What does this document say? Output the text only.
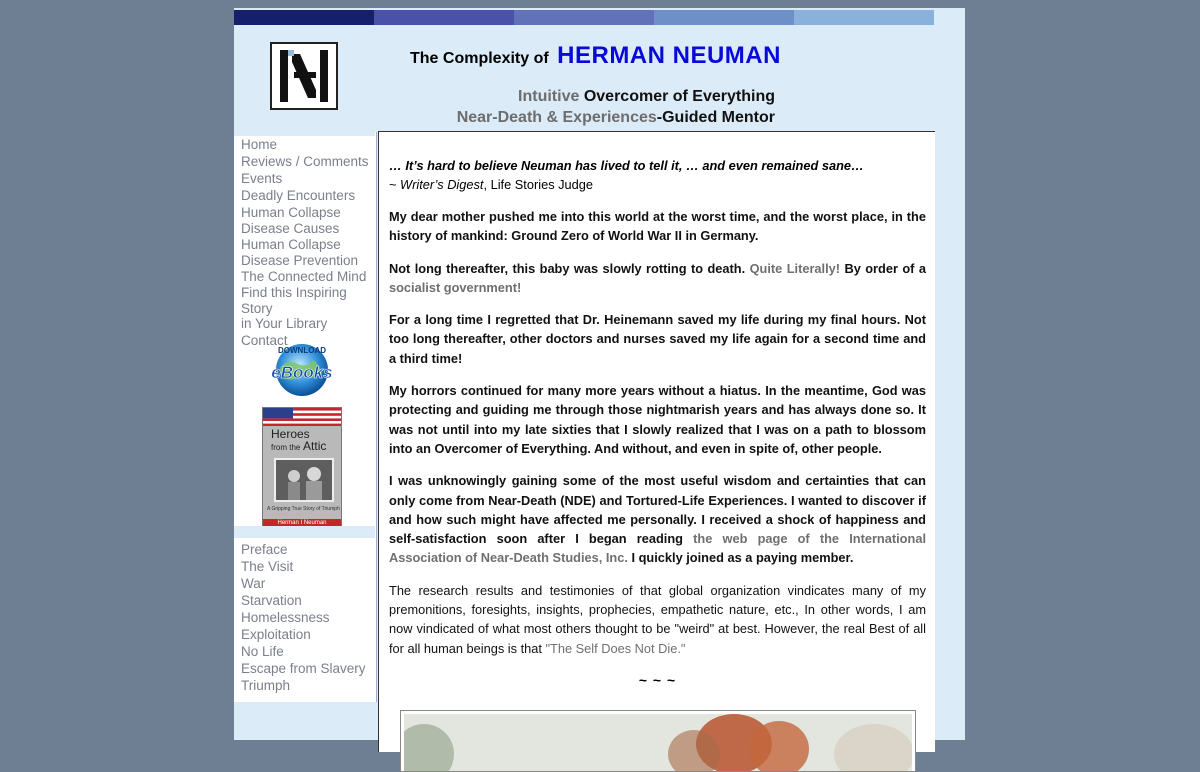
The Complexity of HERMAN NEUMAN
Intuitive Overcomer of Everything
Near-Death & Experiences-Guided Mentor
Home
Reviews / Comments
Events
Deadly Encounters
Human Collapse
Disease Causes
Human Collapse
Disease Prevention
The Connected Mind
Find this Inspiring Story
in Your Library
Contact
DOWNLOAD
eBooks
Heroes
from the Attic
A Gripping True Story of Triumph
Herman I Neuman
Preface
The Visit
War
Starvation
Homelessness
Exploitation
No Life
Escape from Slavery
Triumph

… It’s hard to believe Neuman has lived to tell it, … and even remained sane…

~ Writer’s Digest, Life Stories Judge

My dear mother pushed me into this world at the worst time, and the worst place, in the history of mankind: Ground Zero of World War II in Germany.

Not long thereafter, this baby was slowly rotting to death. Quite Literally! By order of a socialist government!

For a long time I regretted that Dr. Heinemann saved my life during my final hours. Not too long thereafter, other doctors and nurses saved my life again for a second time and a third time!

My horrors continued for many more years without a hiatus. In the meantime, God was protecting and guiding me through those nightmarish years and has always done so. It was not until into my late sixties that I slowly realized that I was on a path to blossom into an Overcomer of Everything. And without, and even in spite of, other people.

I was unknowingly gaining some of the most useful wisdom and certainties that can only come from Near-Death (NDE) and Tortured-Life Experiences. I wanted to discover if and how such might have affected me personally. I received a shock of happiness and self-satisfaction soon after I began reading the web page of the International Association of Near-Death Studies, Inc. I quickly joined as a paying member.

The research results and testimonies of that global organization vindicates many of my premonitions, foresights, insights, prophecies, empathetic nature, etc., In other words, I am now vindicated of what most others thought to be "weird" at best. However, the real Best of all for all human beings is that "The Self Does Not Die."

~ ~ ~
